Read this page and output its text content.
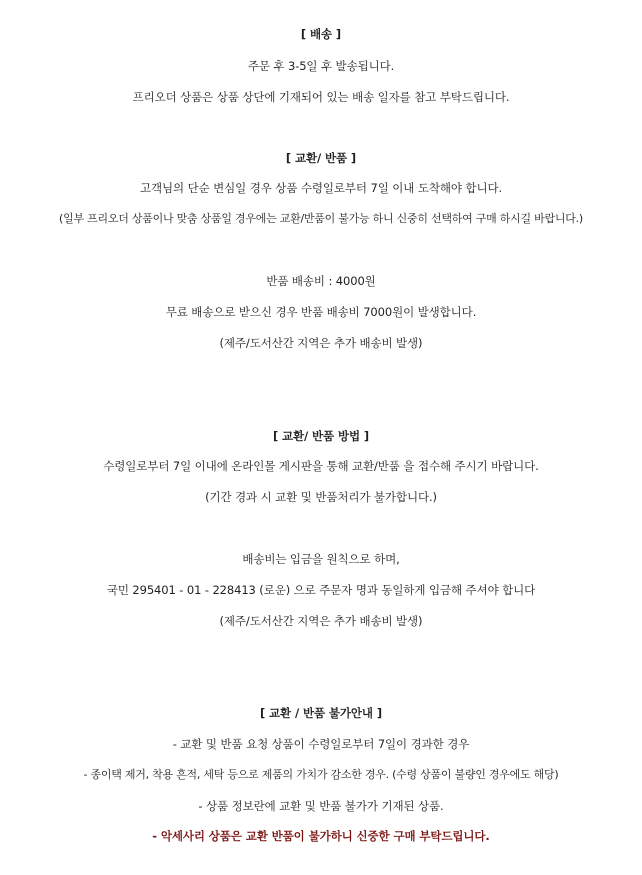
[ 배송 ]
주문 후 3-5일 후 발송됩니다.
프리오더 상품은 상품 상단에 기재되어 있는 배송 일자를 참고 부탁드립니다.
[ 교환/ 반품 ]
고객님의 단순 변심일 경우 상품 수령일로부터 7일 이내 도착해야 합니다.
(일부 프리오더 상품이나 맞춤 상품일 경우에는 교환/반품이 불가능 하니 신중히 선택하여 구매 하시길 바랍니다.)
반품 배송비 : 4000원
무료 배송으로 받으신 경우 반품 배송비 7000원이 발생합니다.
(제주/도서산간 지역은 추가 배송비 발생)
[ 교환/ 반품 방법 ]
수령일로부터 7일 이내에 온라인몰 게시판을 통해 교환/반품 을 접수해 주시기 바랍니다.
(기간 경과 시 교환 및 반품처리가 불가합니다.)
배송비는 입금을 원칙으로 하며,
국민 295401 - 01 - 228413 (로운) 으로 주문자 명과 동일하게 입금해 주셔야 합니다
(제주/도서산간 지역은 추가 배송비 발생)
[ 교환 / 반품 불가안내 ]
- 교환 및 반품 요청 상품이 수령일로부터 7일이 경과한 경우
- 종이택 제거, 착용 흔적, 세탁 등으로 제품의 가치가 감소한 경우. (수령 상품이 불량인 경우에도 해당)
- 상품 정보란에 교환 및 반품 불가가 기재된 상품.
- 악세사리 상품은 교환 반품이 불가하니 신중한 구매 부탁드립니다.
